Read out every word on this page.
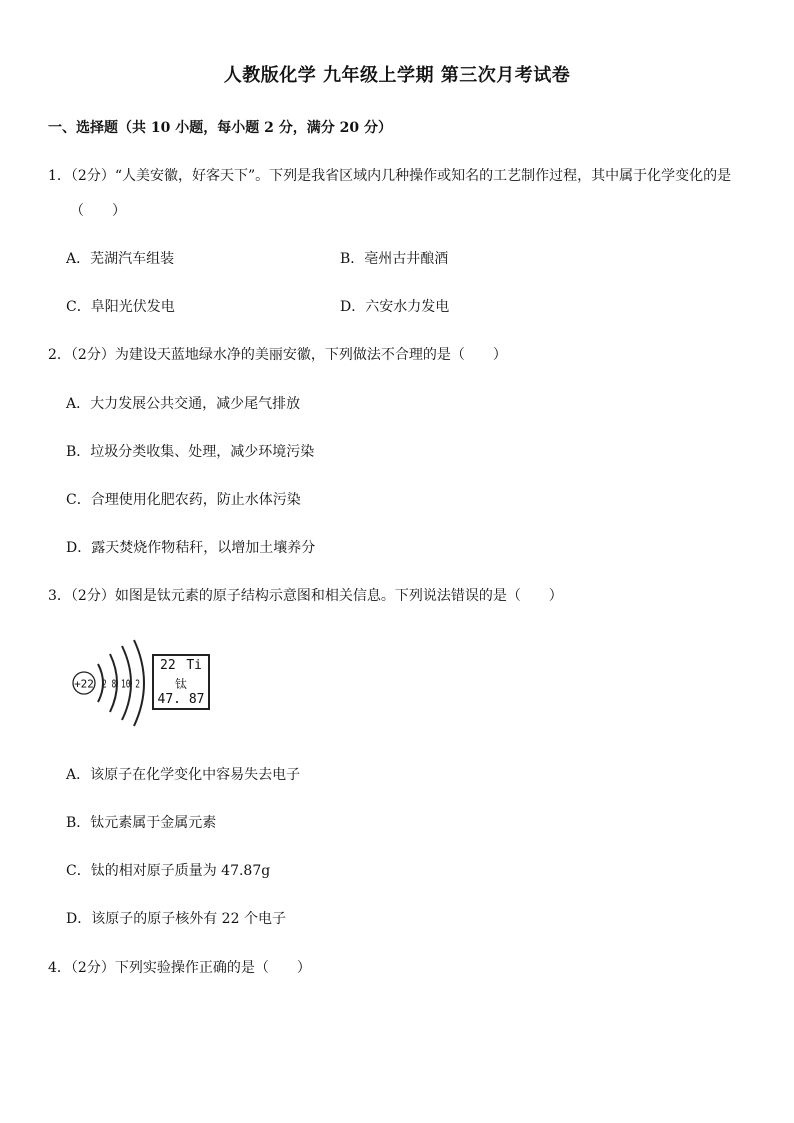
人教版化学 九年级上学期 第三次月考试卷
一、选择题（共 10 小题，每小题 2 分，满分 20 分）
1．（2分）“人美安徽，好客天下”。下列是我省区域内几种操作或知名的工艺制作过程，其中属于化学变化的是
（　　）
A．芜湖汽车组装	B．亳州古井酿酒
C．阜阳光伏发电	D．六安水力发电
2．（2分）为建设天蓝地绿水净的美丽安徽，下列做法不合理的是（　　）
A．大力发展公共交通，减少尾气排放
B．垃圾分类收集、处理，减少环境污染
C．合理使用化肥农药，防止水体污染
D．露天焚烧作物秸秆，以增加土壤养分
3．（2分）如图是钛元素的原子结构示意图和相关信息。下列说法错误的是（　　）
+22 2 8 10 2
22 Ti
钛
47. 87
A．该原子在化学变化中容易失去电子
B．钛元素属于金属元素
C．钛的相对原子质量为 47.87g
D．该原子的原子核外有 22 个电子
4．（2分）下列实验操作正确的是（　　）
